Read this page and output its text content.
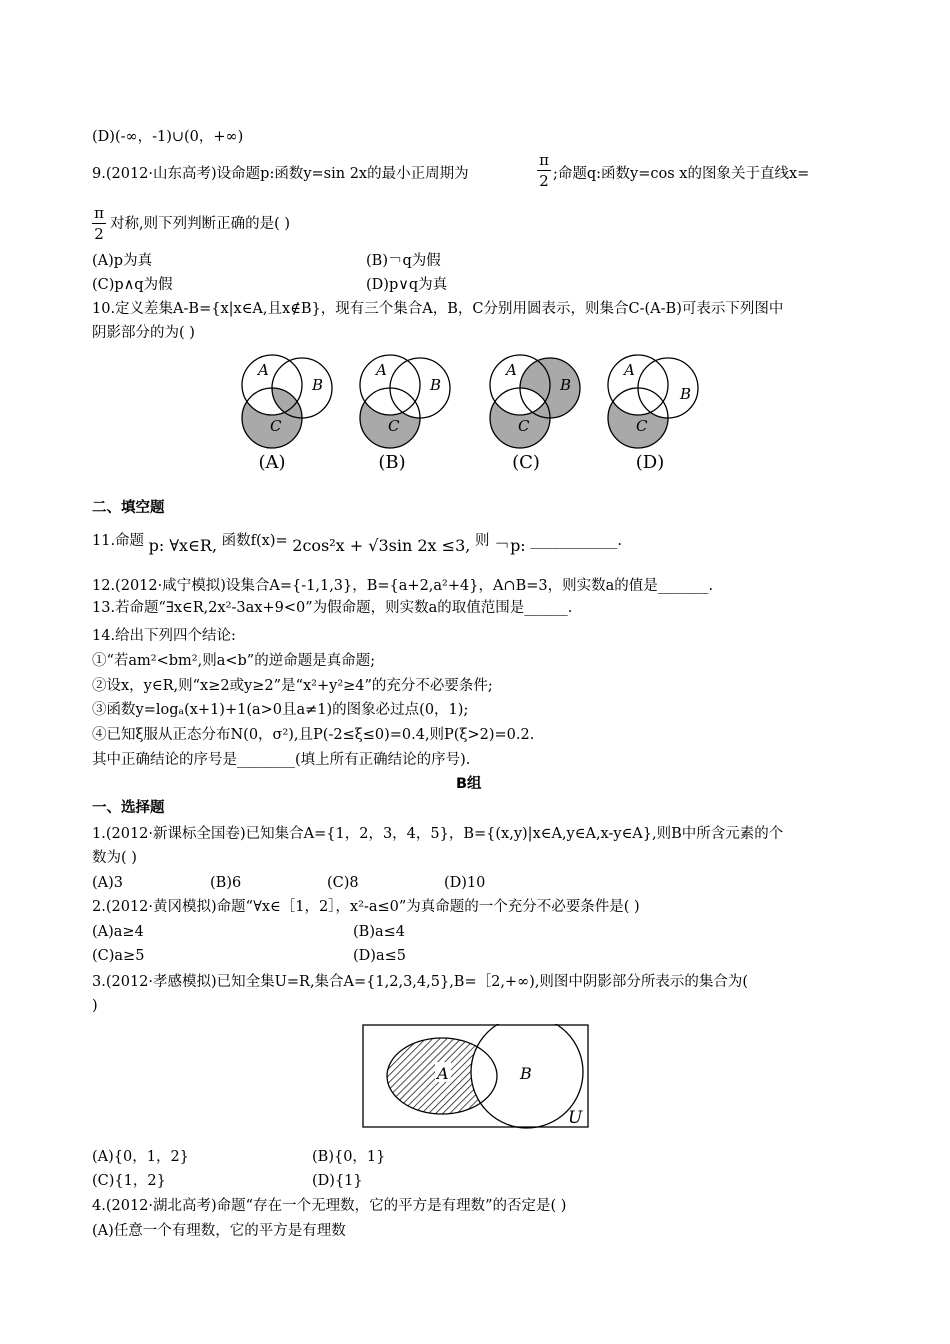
(D)(-∞，-1)∪(0，+∞)
9.(2012·山东高考)设命题p:函数y=sin 2x的最小正周期为
π
2 ;命题q:函数y=cos x的图象关于直线x=
π
2
对称,则下列判断正确的是( )
(A)p为真	(B)￢q为假
(C)p∧q为假	(D)p∨q为真
10.定义差集A-B={x|x∈A,且x∉B}，现有三个集合A，B，C分别用圆表示，则集合C-(A-B)可表示下列图中
阴影部分的为( )
A
B
C
(A)
A
B
C
(B)
A
B
C
(C)
A
B
C
(D)
二、填空题
11.命题 p: ∀x∈R, 函数f(x)= 2cos²x + √3sin 2x ≤3, 则 ￢p: ____________.
12.(2012·咸宁模拟)设集合A={-1,1,3}，B={a+2,a²+4}，A∩B=3，则实数a的值是_______.
13.若命题“∃x∈R,2x²-3ax+9<0”为假命题，则实数a的取值范围是______.
14.给出下列四个结论:
①“若am²<bm²,则a<b”的逆命题是真命题;
②设x，y∈R,则“x≥2或y≥2”是“x²+y²≥4”的充分不必要条件;
③函数y=logₐ(x+1)+1(a>0且a≠1)的图象必过点(0，1);
④已知ξ服从正态分布N(0，σ²),且P(-2≤ξ≤0)=0.4,则P(ξ>2)=0.2.
其中正确结论的序号是________(填上所有正确结论的序号).
B组
一、选择题
1.(2012·新课标全国卷)已知集合A={1，2，3，4，5}，B={(x,y)|x∈A,y∈A,x-y∈A},则B中所含元素的个
数为( )
(A)3	(B)6	(C)8	(D)10
2.(2012·黄冈模拟)命题“∀x∈［1，2］，x²-a≤0”为真命题的一个充分不必要条件是( )
(A)a≥4	(B)a≤4
(C)a≥5	(D)a≤5
3.(2012·孝感模拟)已知全集U=R,集合A={1,2,3,4,5},B=［2,+∞),则图中阴影部分所表示的集合为(
)
A	B
U
(A){0，1，2}	(B){0，1}
(C){1，2}	(D){1}
4.(2012·湖北高考)命题“存在一个无理数，它的平方是有理数”的否定是( )
(A)任意一个有理数，它的平方是有理数
